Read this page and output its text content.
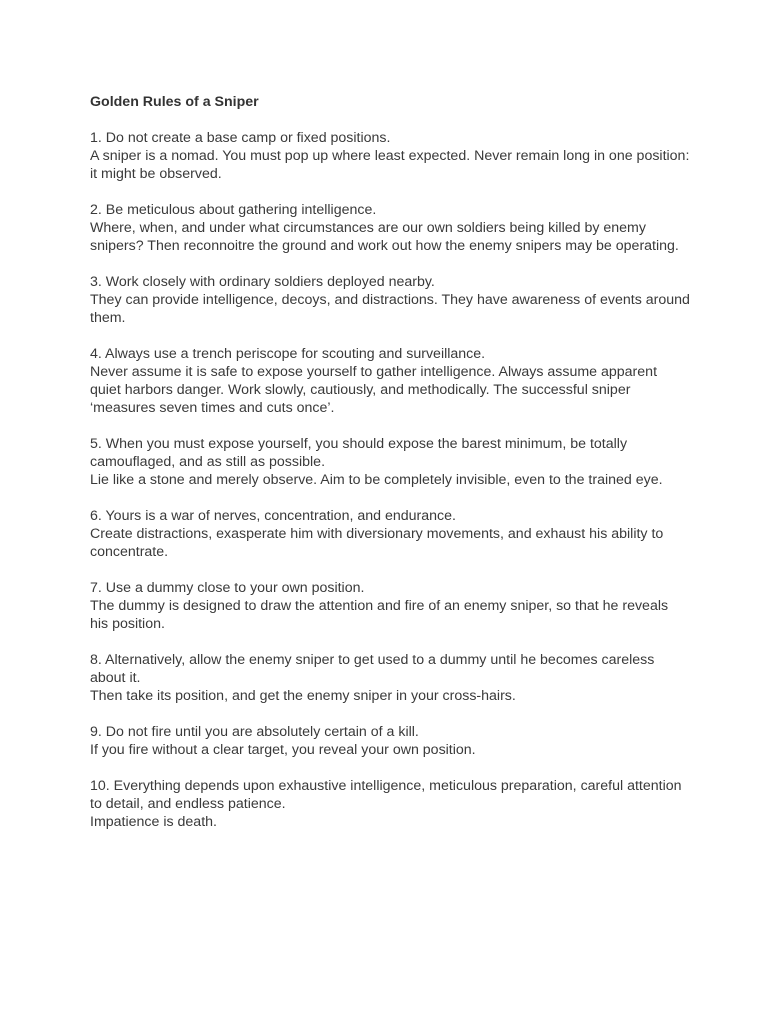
Golden Rules of a Sniper

1. Do not create a base camp or fixed positions.

A sniper is a nomad. You must pop up where least expected. Never remain long in one position: it might be observed.

2. Be meticulous about gathering intelligence.

Where, when, and under what circumstances are our own soldiers being killed by enemy snipers? Then reconnoitre the ground and work out how the enemy snipers may be operating.

3. Work closely with ordinary soldiers deployed nearby.

They can provide intelligence, decoys, and distractions. They have awareness of events around them.

4. Always use a trench periscope for scouting and surveillance.

Never assume it is safe to expose yourself to gather intelligence. Always assume apparent quiet harbors danger. Work slowly, cautiously, and methodically. The successful sniper ‘measures seven times and cuts once’.

5. When you must expose yourself, you should expose the barest minimum, be totally camouflaged, and as still as possible.

Lie like a stone and merely observe. Aim to be completely invisible, even to the trained eye.

6. Yours is a war of nerves, concentration, and endurance.

Create distractions, exasperate him with diversionary movements, and exhaust his ability to concentrate.

7. Use a dummy close to your own position.

The dummy is designed to draw the attention and fire of an enemy sniper, so that he reveals his position.

8. Alternatively, allow the enemy sniper to get used to a dummy until he becomes careless about it.

Then take its position, and get the enemy sniper in your cross-hairs.

9. Do not fire until you are absolutely certain of a kill.

If you fire without a clear target, you reveal your own position.

10. Everything depends upon exhaustive intelligence, meticulous preparation, careful attention to detail, and endless patience.

Impatience is death.
